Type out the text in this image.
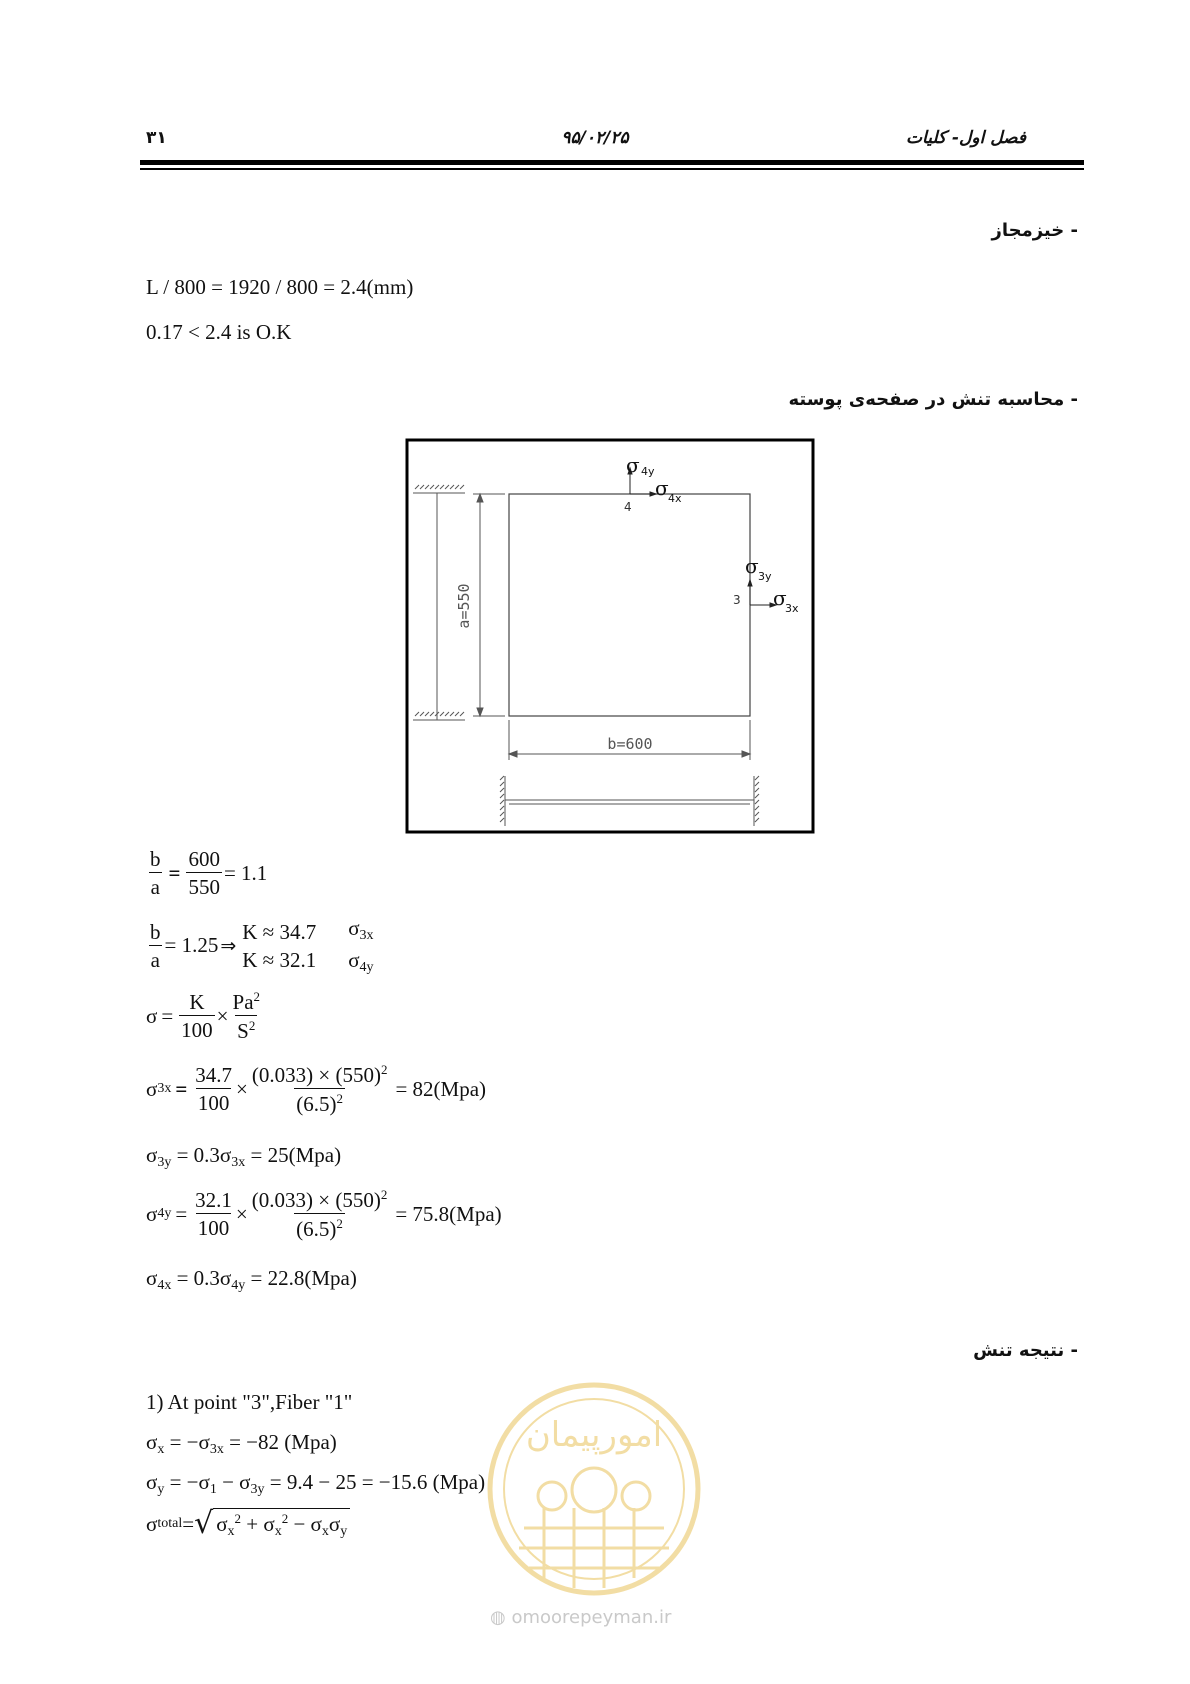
فصل اول- کلیات
۹۵/۰۲/۲۵
۳۱
- خیزمجاز
L / 800 = 1920 / 800 = 2.4(mm)
0.17 < 2.4 is O.K
- محاسبه تنش در صفحه‌ی پوسته
a=550
b=600
σ 4y
σ 4x
4
σ 3y
σ
3x
3
$\frac{b}{a} = \frac{600}{550} = 1.1$
$\frac{b}{a} = 1.25$ ⇒
K ≈ 34.7
K ≈ 32.1
$\sigma_{3x}$
$\sigma_{4y}$
$\sigma = \frac{K}{100} \times \frac{Pa^2}{S^2}$
σ $3x = \frac{34.7}{100} \times \frac{(0.033) \times (550)^2}{(6.5)^2} = 82(Mpa)$
$\sigma_{3y} = 0.3\sigma_{3x} = 25(Mpa)$
σ $4y = \frac{32.1}{100} \times \frac{(0.033) \times (550)^2}{(6.5)^2} = 75.8(Mpa)$
$\sigma_{4x} = 0.3\sigma_{4y} = 22.8(Mpa)$
- نتیجه تنش
امورپیمان
◍ omoorepeyman.ir
1) At point "3",Fiber "1"
$\sigma_x = -\sigma_{3x} = -82$ (Mpa)
$\sigma_y = -\sigma_1 - \sigma_{3y} = 9.4 - 25 = -15.6$ (Mpa)
σ total = √ $\sigma_x^2 + \sigma_x^2 - \sigma_x\sigma_y$
